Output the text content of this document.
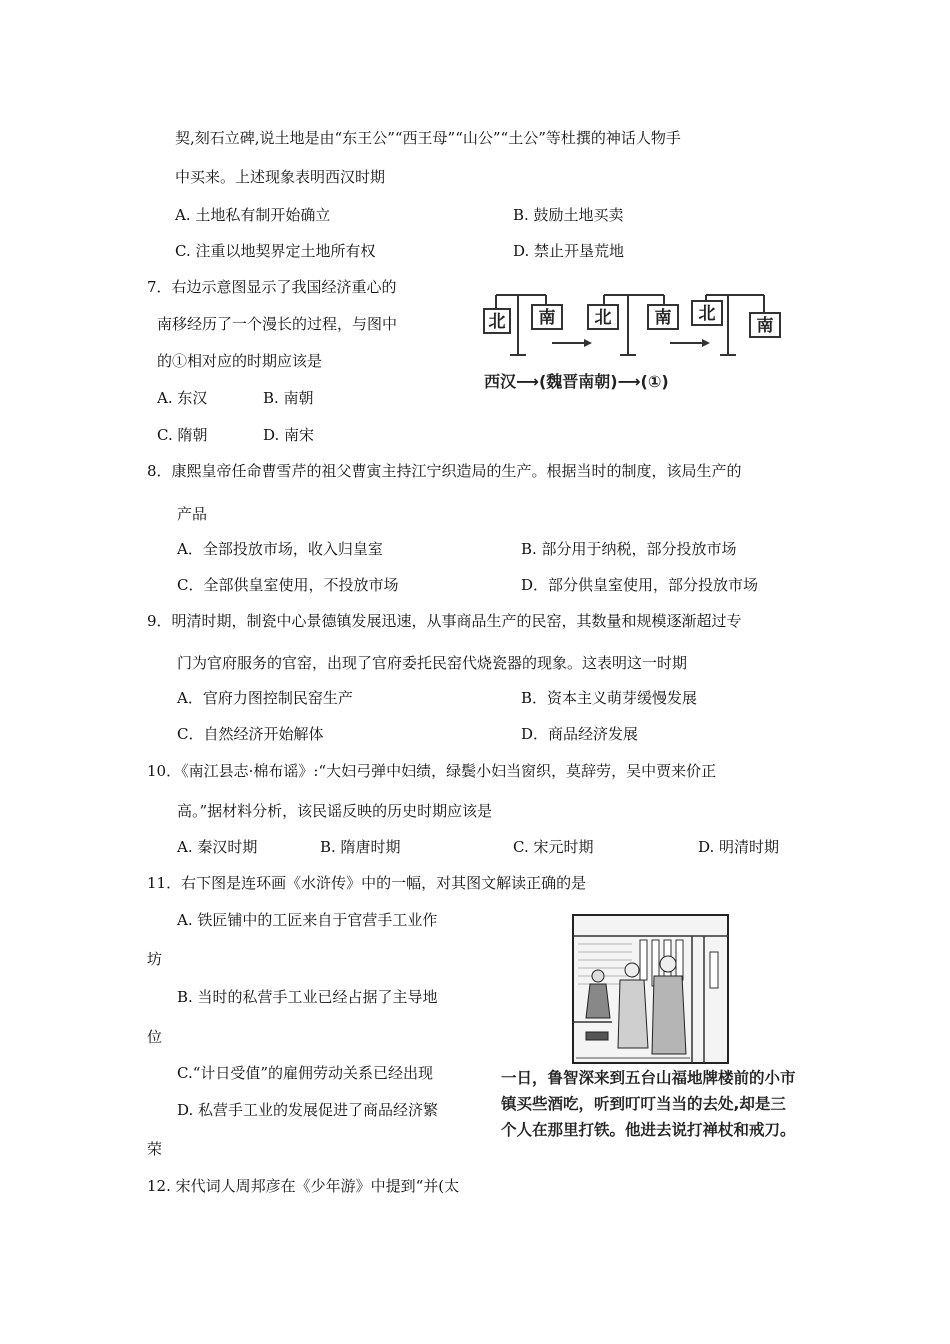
契,刻石立碑,说土地是由“东王公”“西王母”“山公”“土公”等杜撰的神话人物手
中买来。上述现象表明西汉时期
A. 土地私有制开始确立	B. 鼓励土地买卖
C. 注重以地契界定土地所有权	D. 禁止开垦荒地
7．右边示意图显示了我国经济重心的
南移经历了一个漫长的过程，与图中
的①相对应的时期应该是
A. 东汉	B. 南朝
C. 隋朝	D. 南宋
北 南 北	南 北
南
西汉⟶(魏晋南朝)⟶(①)
8．康熙皇帝任命曹雪芹的祖父曹寅主持江宁织造局的生产。根据当时的制度，该局生产的
产品
A．全部投放市场，收入归皇室	B. 部分用于纳税，部分投放市场
C．全部供皇室使用，不投放市场	D．部分供皇室使用，部分投放市场
9．明清时期，制瓷中心景德镇发展迅速，从事商品生产的民窑，其数量和规模逐渐超过专
门为官府服务的官窑，出现了官府委托民窑代烧瓷器的现象。这表明这一时期
A．官府力图控制民窑生产	B．资本主义萌芽缓慢发展
C．自然经济开始解体	D．商品经济发展
10．《南江县志·棉布谣》:“大妇弓弹中妇绩，绿鬓小妇当窗织，莫辞劳，吴中贾来价正
高。”据材料分析，该民谣反映的历史时期应该是
A. 秦汉时期	B. 隋唐时期	C. 宋元时期	D. 明清时期
11．右下图是连环画《水浒传》中的一幅，对其图文解读正确的是
A. 铁匠铺中的工匠来自于官营手工业作
坊
B. 当时的私营手工业已经占据了主导地
位
C.“计日受值”的雇佣劳动关系已经出现
D. 私营手工业的发展促进了商品经济繁
荣
一日，鲁智深来到五台山福地牌楼前的小市
镇买些酒吃，听到叮叮当当的去处,却是三
个人在那里打铁。他进去说打禅杖和戒刀。
12. 宋代词人周邦彦在《少年游》中提到“并(太
